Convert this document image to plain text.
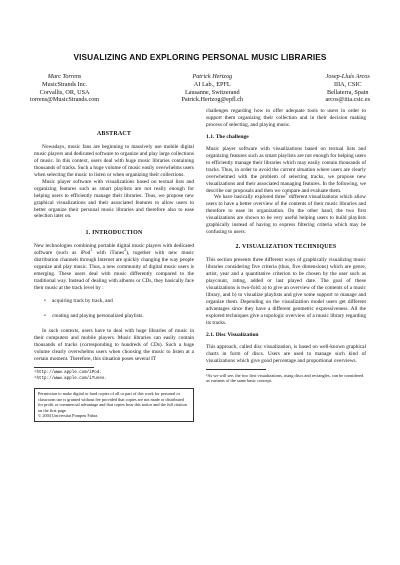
VISUALIZING AND EXPLORING PERSONAL MUSIC LIBRARIES
Marc Torrens
MusicStrands Inc.
Corvallis, OR, USA
torrens@MusicStrands.com
Patrick Hertzog
AI Lab., EPFL
Lausanne, Switzerand
Patrick.Hertzog@epfl.ch
Josep-Lluís Arcos
IIIA, CSIC
Bellaterra, Spain
arcos@iiia.csic.es
ABSTRACT
Nowadays, music fans are beginning to massively use mobile digital music players and dedicated software to organize and play large collections of music. In this context, users deal with huge music libraries containing thousands of tracks. Such a huge volume of music easily overwhelms users when selecting the music to listen or when organizing their collections.
Music player software with visualizations based on textual lists and organizing features such as smart playlists are not really enough for helping users to efficiently manage their libraries. Thus, we propose new graphical visualizations and their associated features to allow users to better organize their personal music libraries and therefore also to ease selection later on.
1. INTRODUCTION
New technologies combining portable digital music players with dedicated software (such as iPod$^1$ with iTunes$^2$), together with new music distribution channels through Internet are quickly changing the way people organize and play music. Thus, a new community of digital music users is emerging. These users deal with music differently compared to the traditional way. Instead of dealing with albums or CDs, they basically face their music at the track level by :
• acquiring track by track, and
• creating and playing personalized playlists.
In such contexts, users have to deal with huge libraries of music in their computers and mobile players. Music libraries can easily contain thousands of tracks (corresponding to hundreds of CDs). Such a huge volume clearly overwhelms users when choosing the music to listen at a certain moment. Therefore, this situation poses several IT
¹http://www.apple.com/iPod.
²http://www.apple.com/iTunes.
Permission to make digital or hard copies of all or part of this work for personal or classroom use is granted without fee provided that copies are not made or distributed for profit or commercial advantage and that copies bear this notice and the full citation on the first page.
© 2004 Universitat Pompeu Fabra.
challenges regarding how to offer adequate tools to users in order to support them organizing their collection and in their decision making process of selecting, and playing music.
1.1. The challenge
Music player software with visualizations based on textual lists and organizing features such as smart playlists are not enough for helping users to efficiently manage their libraries which may easily contain thousands of tracks. Thus, in order to avoid the current situation where users are clearly overwhelmed with the problem of selecting tracks, we propose new visualizations and their associated managing features. In the following, we describe our proposals and then we compare and evaluate them.
We have basically explored three$^3$ different visualizations which allow users to have a better overview of the contents of their music libraries and therefore to ease its organization. On the other hand, the two first visualizations are shown to be very useful helping users to build playlists graphically instead of having to express filtering criteria which may be confusing to users.
2. VISUALIZATION TECHNIQUES
This section presents three different ways of graphically visualizing music libraries considering five criteria (thus, five dimensions) which are genre, artist, year and a quantitative criterion to be chosen by the user such as playcount, rating, added or last played date. The goal of these visualizations is two-fold: a) to give an overview of the contents of a music library, and b) to visualize playlists and give some support to manage and organize them. Depending on the visualization model users get different advantages since they have a different geometric expressiveness. All the explored techniques give a topologic overview of a music library regarding its tracks.
2.1. Disc Visualization
This approach, called disc visualization, is based on well-known graphical charts in form of discs. Users are used to manage such kind of visualizations which give good percentage and proportional overviews.
³As we will see, the two first visualizations, using discs and rectangles, can be considered as variants of the same basic concept.
